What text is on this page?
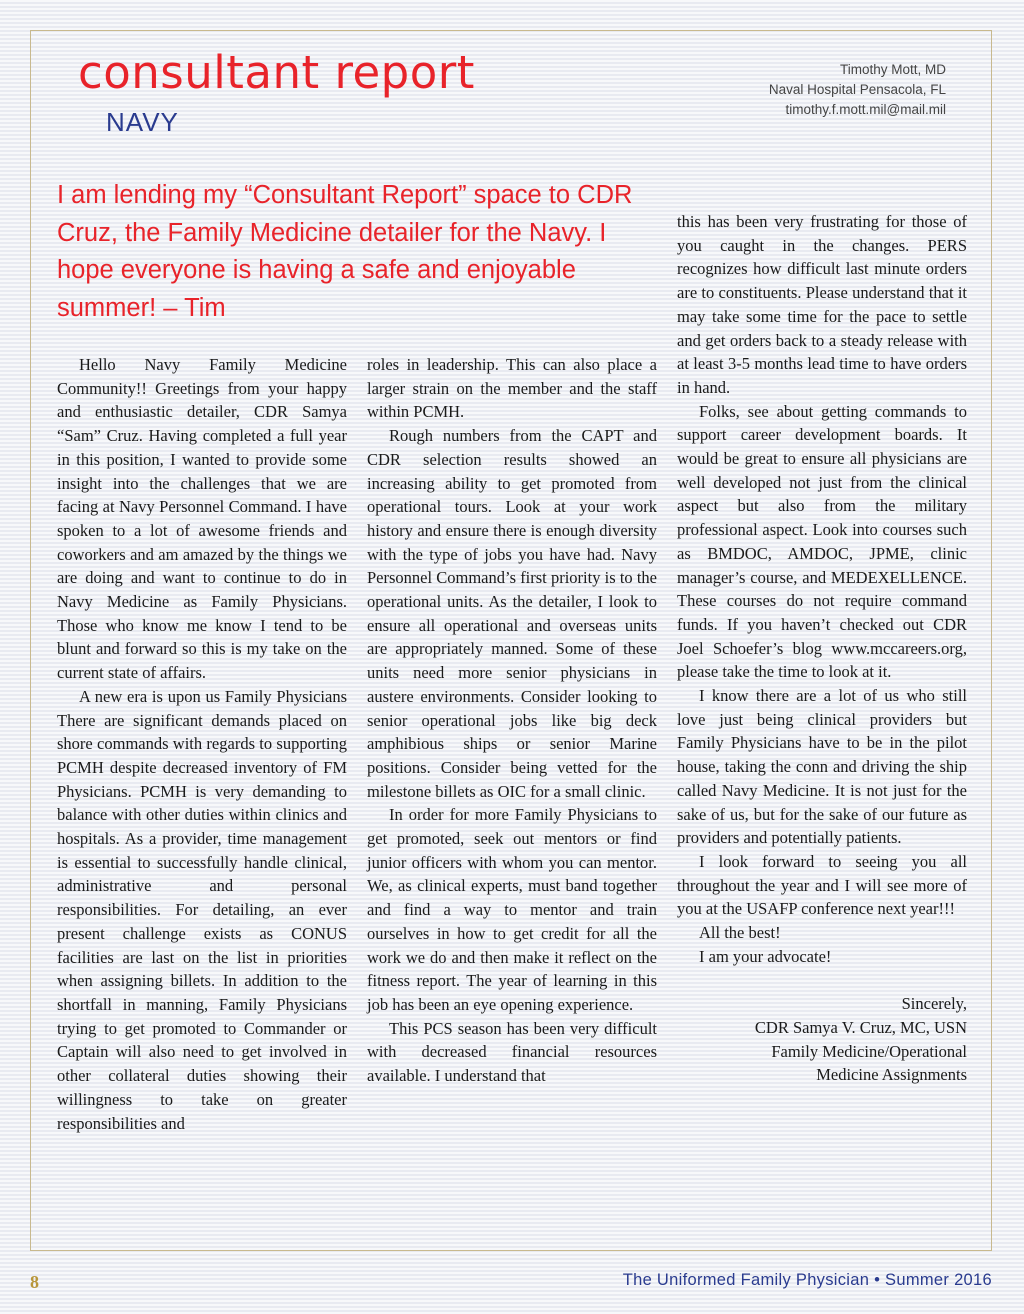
consultant report
NAVY
Timothy Mott, MD
Naval Hospital Pensacola, FL
timothy.f.mott.mil@mail.mil

I am lending my “Consultant Report” space to CDR Cruz, the Family Medicine detailer for the Navy. I hope everyone is having a safe and enjoyable summer! – Tim

Hello Navy Family Medicine Community!! Greetings from your happy and enthusiastic detailer, CDR Samya “Sam” Cruz. Having completed a full year in this position, I wanted to provide some insight into the challenges that we are facing at Navy Personnel Command. I have spoken to a lot of awesome friends and coworkers and am amazed by the things we are doing and want to continue to do in Navy Medicine as Family Physicians. Those who know me know I tend to be blunt and forward so this is my take on the current state of affairs.

A new era is upon us Family Physicians There are significant demands placed on shore commands with regards to supporting PCMH despite decreased inventory of FM Physicians. PCMH is very demanding to balance with other duties within clinics and hospitals. As a provider, time management is essential to successfully handle clinical, administrative and personal responsibilities. For detailing, an ever present challenge exists as CONUS facilities are last on the list in priorities when assigning billets. In addition to the shortfall in manning, Family Physicians trying to get promoted to Commander or Captain will also need to get involved in other collateral duties showing their willingness to take on greater responsibilities and

roles in leadership. This can also place a larger strain on the member and the staff within PCMH.

Rough numbers from the CAPT and CDR selection results showed an increasing ability to get promoted from operational tours. Look at your work history and ensure there is enough diversity with the type of jobs you have had. Navy Personnel Command’s first priority is to the operational units. As the detailer, I look to ensure all operational and overseas units are appropriately manned. Some of these units need more senior physicians in austere environments. Consider looking to senior operational jobs like big deck amphibious ships or senior Marine positions. Consider being vetted for the milestone billets as OIC for a small clinic.

In order for more Family Physicians to get promoted, seek out mentors or find junior officers with whom you can mentor. We, as clinical experts, must band together and find a way to mentor and train ourselves in how to get credit for all the work we do and then make it reflect on the fitness report. The year of learning in this job has been an eye opening experience.

This PCS season has been very difficult with decreased financial resources available. I understand that

this has been very frustrating for those of you caught in the changes. PERS recognizes how difficult last minute orders are to constituents. Please understand that it may take some time for the pace to settle and get orders back to a steady release with at least 3-5 months lead time to have orders in hand.

Folks, see about getting commands to support career development boards. It would be great to ensure all physicians are well developed not just from the clinical aspect but also from the military professional aspect. Look into courses such as BMDOC, AMDOC, JPME, clinic manager’s course, and MEDEXELLENCE. These courses do not require command funds. If you haven’t checked out CDR Joel Schoefer’s blog www.mccareers.org, please take the time to look at it.

I know there are a lot of us who still love just being clinical providers but Family Physicians have to be in the pilot house, taking the conn and driving the ship called Navy Medicine. It is not just for the sake of us, but for the sake of our future as providers and potentially patients.

I look forward to seeing you all throughout the year and I will see more of you at the USAFP conference next year!!!

All the best!

I am your advocate!

Sincerely,
CDR Samya V. Cruz, MC, USN
Family Medicine/Operational
Medicine Assignments
8	The Uniformed Family Physician • Summer 2016
